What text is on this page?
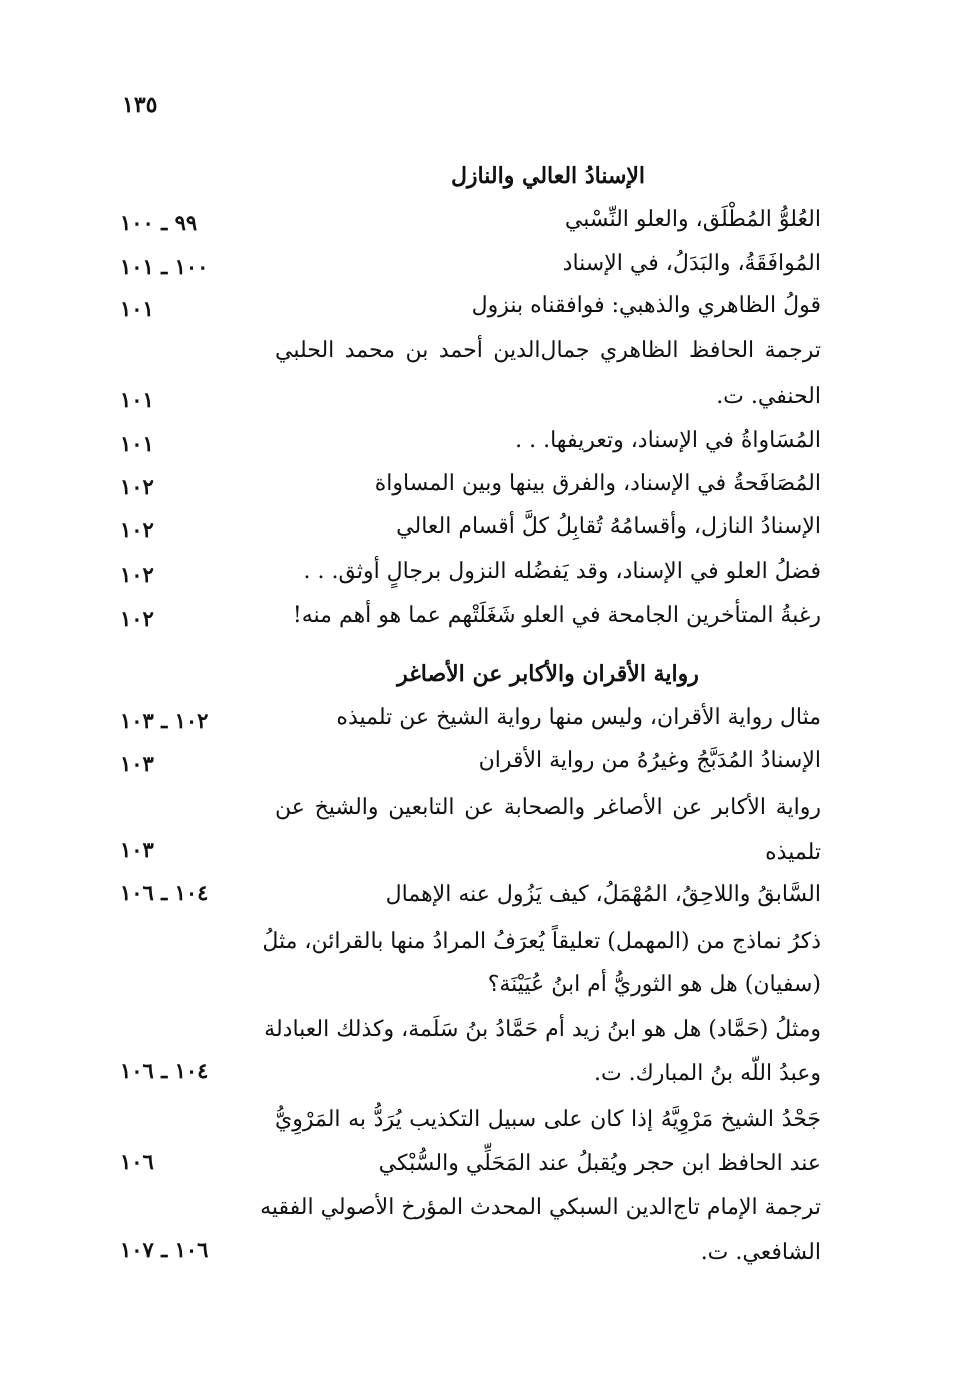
١٣٥
الإسنادُ العالي والنازل
العُلوُّ المُطْلَق، والعلو النِّسْبي
٩٩ ـ ١٠٠
المُوافَقَةُ، والبَدَلُ، في الإسناد
١٠٠ ـ ١٠١
قولُ الظاهري والذهبي: فوافقناه بنزول
١٠١
ترجمة الحافظ الظاهري جمال‌الدين أحمد بن محمد الحلبي
الحنفي. ت.
١٠١
المُسَاواةُ في الإسناد، وتعريفها. . .
١٠١
المُصَافَحةُ في الإسناد، والفرق بينها وبين المساواة
١٠٢
الإسنادُ النازل، وأقسامُهُ تُقابِلُ كلَّ أقسام العالي
١٠٢
فضلُ العلو في الإسناد، وقد يَفضُله النزول برجالٍ أوثق. . .
١٠٢
رغبةُ المتأخرين الجامحة في العلو شَغَلَتْهم عما هو أهم منه!
١٠٢
رواية الأقران والأكابر عن الأصاغر
مثال رواية الأقران، وليس منها رواية الشيخ عن تلميذه
١٠٢ ـ ١٠٣
الإسنادُ المُدَبَّجُ وغيرُهُ من رواية الأقران
١٠٣
رواية الأكابر عن الأصاغر والصحابة عن التابعين والشيخ عن
تلميذه
١٠٣
السَّابقُ واللاحِقُ، المُهْمَلُ، كيف يَزُول عنه الإهمال
١٠٤ ـ ١٠٦
ذكرُ نماذج من (المهمل) تعليقاً يُعرَفُ المرادُ منها بالقرائن، مثلُ
(سفيان) هل هو الثوريُّ أم ابنُ عُيَيْنَة؟
ومثلُ (حَمَّاد) هل هو ابنُ زيد أم حَمَّادُ بنُ سَلَمة، وكذلك العبادلة
وعبدُ اللّه بنُ المبارك. ت.
١٠٤ ـ ١٠٦
جَحْدُ الشيخ مَرْوِيَّهُ إذا كان على سبيل التكذيب يُرَدُّ به المَرْوِيُّ
عند الحافظ ابن حجر ويُقبلُ عند المَحَلِّي والسُّبْكي
١٠٦
ترجمة الإمام تاج‌الدين السبكي المحدث المؤرخ الأصولي الفقيه
الشافعي. ت.
١٠٦ ـ ١٠٧
